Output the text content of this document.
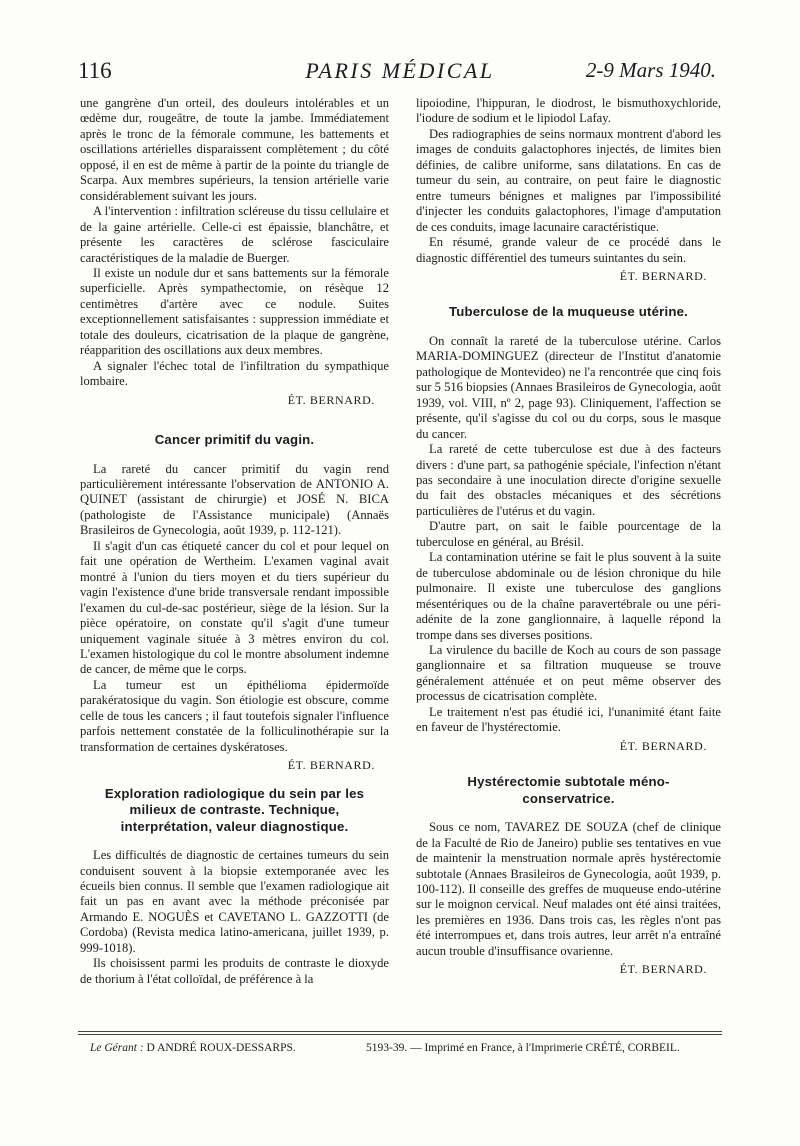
116	PARIS MÉDICAL	2-9 Mars 1940.

une gangrène d'un orteil, des douleurs intolérables et un œdème dur, rougeâtre, de toute la jambe. Immédiatement après le tronc de la fémorale commune, les battements et oscillations artérielles disparaissent complètement ; du côté opposé, il en est de même à partir de la pointe du triangle de Scarpa. Aux membres supérieurs, la tension artérielle varie considérablement suivant les jours.

A l'intervention : infiltration scléreuse du tissu cellulaire et de la gaine artérielle. Celle-ci est épaissie, blanchâtre, et présente les caractères de sclérose fasciculaire caractéristiques de la maladie de Buerger.

Il existe un nodule dur et sans battements sur la fémorale superficielle. Après sympathectomie, on résèque 12 centimètres d'artère avec ce nodule. Suites exceptionnellement satisfaisantes : suppression immédiate et totale des douleurs, cicatrisation de la plaque de gangrène, réapparition des oscillations aux deux membres.

A signaler l'échec total de l'infiltration du sympathique lombaire.

ÉT. BERNARD.
Cancer primitif du vagin.

La rareté du cancer primitif du vagin rend particulièrement intéressante l'observation de ANTONIO A. QUINET (assistant de chirurgie) et JOSÉ N. BICA (pathologiste de l'Assistance municipale) (Annaës Brasileiros de Gynecologia, août 1939, p. 112-121).

Il s'agit d'un cas étiqueté cancer du col et pour lequel on fait une opération de Wertheim. L'examen vaginal avait montré à l'union du tiers moyen et du tiers supérieur du vagin l'existence d'une bride transversale rendant impossible l'examen du cul-de-sac postérieur, siège de la lésion. Sur la pièce opératoire, on constate qu'il s'agit d'une tumeur uniquement vaginale située à 3 mètres environ du col. L'examen histologique du col le montre absolument indemne de cancer, de même que le corps.

La tumeur est un épithélioma épidermoïde parakératosique du vagin. Son étiologie est obscure, comme celle de tous les cancers ; il faut toutefois signaler l'influence parfois nettement constatée de la folliculinothérapie sur la transformation de certaines dyskératoses.

ÉT. BERNARD.
Exploration radiologique du sein par les milieux de contraste. Technique, interprétation, valeur diagnostique.

Les difficultés de diagnostic de certaines tumeurs du sein conduisent souvent à la biopsie extemporanée avec les écueils bien connus. Il semble que l'examen radiologique ait fait un pas en avant avec la méthode préconisée par Armando E. NOGUÈS et CAVETANO L. GAZZOTTI (de Cordoba) (Revista medica latino-americana, juillet 1939, p. 999-1018).

Ils choisissent parmi les produits de contraste le dioxyde de thorium à l'état colloïdal, de préférence à la

lipoiodine, l'hippuran, le diodrost, le bismuthoxychloride, l'iodure de sodium et le lipiodol Lafay.

Des radiographies de seins normaux montrent d'abord les images de conduits galactophores injectés, de limites bien définies, de calibre uniforme, sans dilatations. En cas de tumeur du sein, au contraire, on peut faire le diagnostic entre tumeurs bénignes et malignes par l'impossibilité d'injecter les conduits galactophores, l'image d'amputation de ces conduits, image lacunaire caractéristique.

En résumé, grande valeur de ce procédé dans le diagnostic différentiel des tumeurs suintantes du sein.

ÉT. BERNARD.
Tuberculose de la muqueuse utérine.

On connaît la rareté de la tuberculose utérine. Carlos MARIA-DOMINGUEZ (directeur de l'Institut d'anatomie pathologique de Montevideo) ne l'a rencontrée que cinq fois sur 5 516 biopsies (Annaes Brasileiros de Gynecologia, août 1939, vol. VIII, nº 2, page 93). Cliniquement, l'affection se présente, qu'il s'agisse du col ou du corps, sous le masque du cancer.

La rareté de cette tuberculose est due à des facteurs divers : d'une part, sa pathogénie spéciale, l'infection n'étant pas secondaire à une inoculation directe d'origine sexuelle du fait des obstacles mécaniques et des sécrétions particulières de l'utérus et du vagin.

D'autre part, on sait le faible pourcentage de la tuberculose en général, au Brésil.

La contamination utérine se fait le plus souvent à la suite de tuberculose abdominale ou de lésion chronique du hile pulmonaire. Il existe une tuberculose des ganglions mésentériques ou de la chaîne paravertébrale ou une péri-adénite de la zone ganglionnaire, à laquelle répond la trompe dans ses diverses positions.

La virulence du bacille de Koch au cours de son passage ganglionnaire et sa filtration muqueuse se trouve généralement atténuée et on peut même observer des processus de cicatrisation complète.

Le traitement n'est pas étudié ici, l'unanimité étant faite en faveur de l'hystérectomie.

ÉT. BERNARD.
Hystérectomie subtotale méno-conservatrice.

Sous ce nom, TAVAREZ DE SOUZA (chef de clinique de la Faculté de Rio de Janeiro) publie ses tentatives en vue de maintenir la menstruation normale après hystérectomie subtotale (Annaes Brasileiros de Gynecologia, août 1939, p. 100-112). Il conseille des greffes de muqueuse endo-utérine sur le moignon cervical. Neuf malades ont été ainsi traitées, les premières en 1936. Dans trois cas, les règles n'ont pas été interrompues et, dans trois autres, leur arrêt n'a entraîné aucun trouble d'insuffisance ovarienne.

ÉT. BERNARD.
Le Gérant : D ANDRÉ ROUX-DESSARPS.	5193-39. — Imprimé en France, à l'Imprimerie CRÉTÉ, CORBEIL.
